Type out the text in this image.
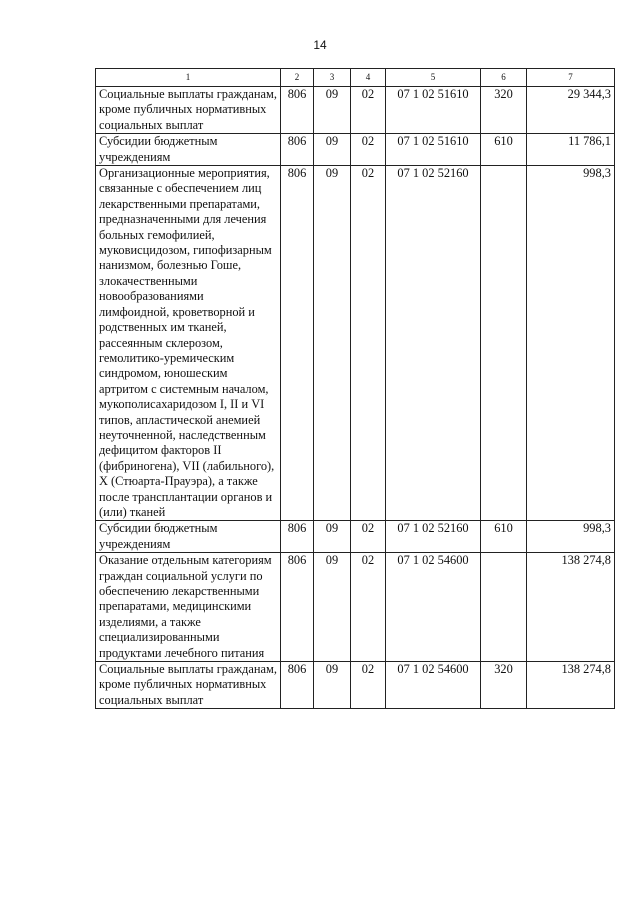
14
1	2	3	4	5	6	7
Социальные выплаты гражданам, кроме публичных нормативных социальных выплат	806	09	02	07 1 02 51610	320	29 344,3
Субсидии бюджетным учреждениям	806	09	02	07 1 02 51610	610	11 786,1
Организационные мероприятия, связанные с обеспечением лиц лекарственными препаратами, предназначенными для лечения больных гемофилией, муковисцидозом, гипофизарным нанизмом, болезнью Гоше, злокачественными новообразованиями лимфоидной, кроветворной и родственных им тканей, рассеянным склерозом, гемолитико-уремическим синдромом, юношеским артритом с системным началом, мукополисахаридозом I, II и VI типов, апластической анемией неуточненной, наследственным дефицитом факторов II (фибриногена), VII (лабильного), X (Стюарта-Прауэра), а также после трансплантации органов и (или) тканей	806	09	02	07 1 02 52160		998,3
Субсидии бюджетным учреждениям	806	09	02	07 1 02 52160	610	998,3
Оказание отдельным категориям граждан социальной услуги по обеспечению лекарственными препаратами, медицинскими изделиями, а также специализированными продуктами лечебного питания	806	09	02	07 1 02 54600		138 274,8
Социальные выплаты гражданам, кроме публичных нормативных социальных выплат	806	09	02	07 1 02 54600	320	138 274,8
